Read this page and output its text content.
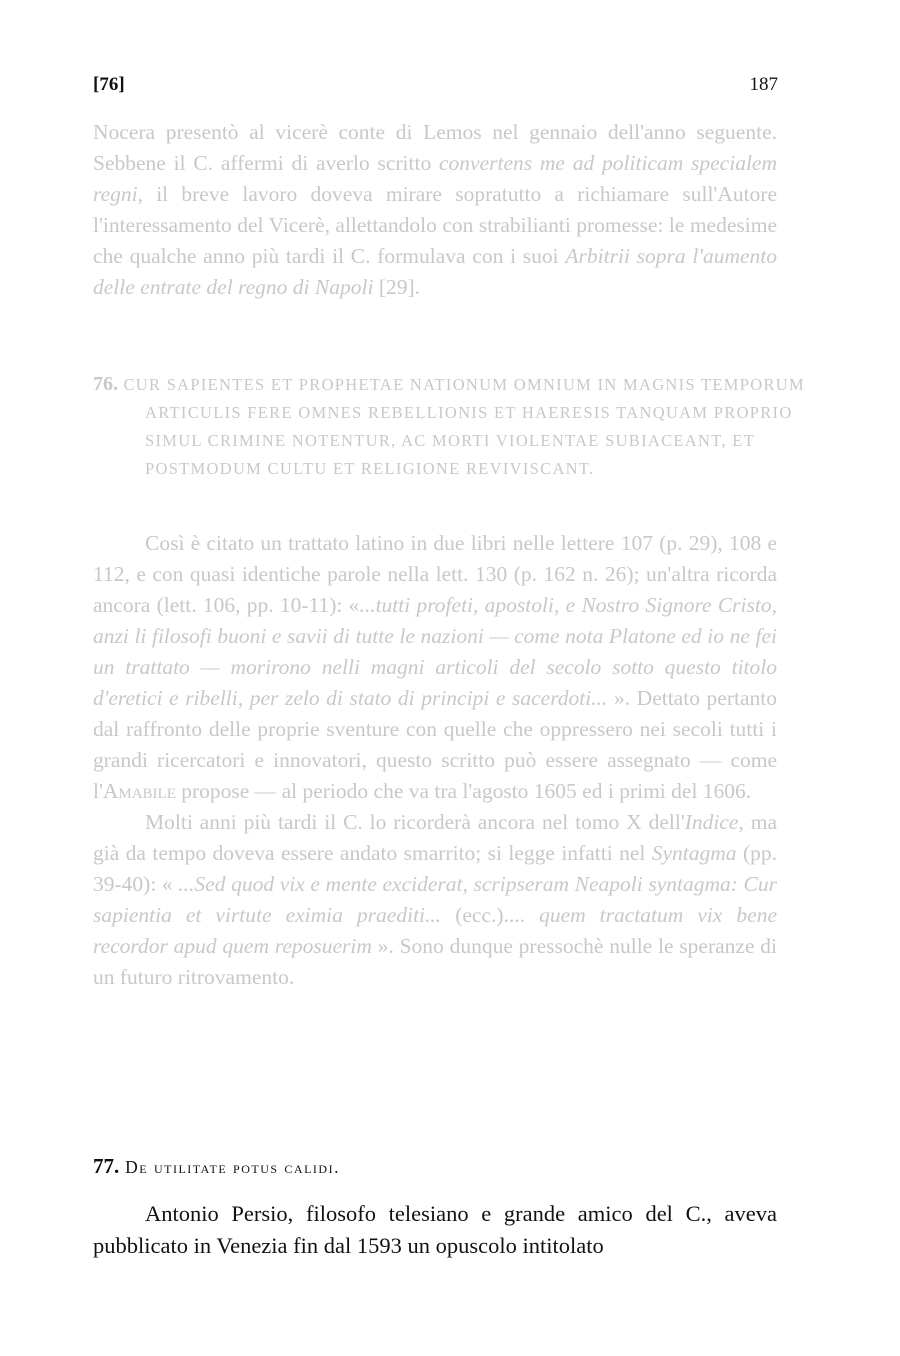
[76]	187

Nocera presentò al vicerè conte di Lemos nel gennaio dell'anno seguente. Sebbene il C. affermi di averlo scritto convertens me ad politicam specialem regni, il breve lavoro doveva mirare sopratutto a richiamare sull'Autore l'interessamento del Vicerè, allettandolo con strabilianti promesse: le medesime che qualche anno più tardi il C. formulava con i suoi Arbitrii sopra l'aumento delle entrate del regno di Napoli [29].

76. CUR SAPIENTES ET PROPHETAE NATIONUM OMNIUM IN MAGNIS TEMPORUM ARTICULIS FERE OMNES REBELLIONIS ET HAERESIS TANQUAM PROPRIO SIMUL CRIMINE NOTENTUR, AC MORTI VIOLENTAE SUBIACEANT, ET POSTMODUM CULTU ET RELIGIONE REVIVISCANT.

Così è citato un trattato latino in due libri nelle lettere 107 (p. 29), 108 e 112, e con quasi identiche parole nella lett. 130 (p. 162 n. 26); un'altra ricorda ancora (lett. 106, pp. 10-11): «...tutti profeti, apostoli, e Nostro Signore Cristo, anzi li filosofi buoni e savii di tutte le nazioni — come nota Platone ed io ne fei un trattato — morirono nelli magni articoli del secolo sotto questo titolo d'eretici e ribelli, per zelo di stato di principi e sacerdoti... ». Dettato pertanto dal raffronto delle proprie sventure con quelle che oppressero nei secoli tutti i grandi ricercatori e innovatori, questo scritto può essere assegnato — come l'Amabile propose — al periodo che va tra l'agosto 1605 ed i primi del 1606.

Molti anni più tardi il C. lo ricorderà ancora nel tomo X dell'Indice, ma già da tempo doveva essere andato smarrito; si legge infatti nel Syntagma (pp. 39-40): « ...Sed quod vix e mente exciderat, scripseram Neapoli syntagma: Cur sapientia et virtute eximia praediti... (ecc.).... quem tractatum vix bene recordor apud quem reposuerim ». Sono dunque pressochè nulle le speranze di un futuro ritrovamento.

77. De utilitate potus calidi.

Antonio Persio, filosofo telesiano e grande amico del C., aveva pubblicato in Venezia fin dal 1593 un opuscolo intitolato
